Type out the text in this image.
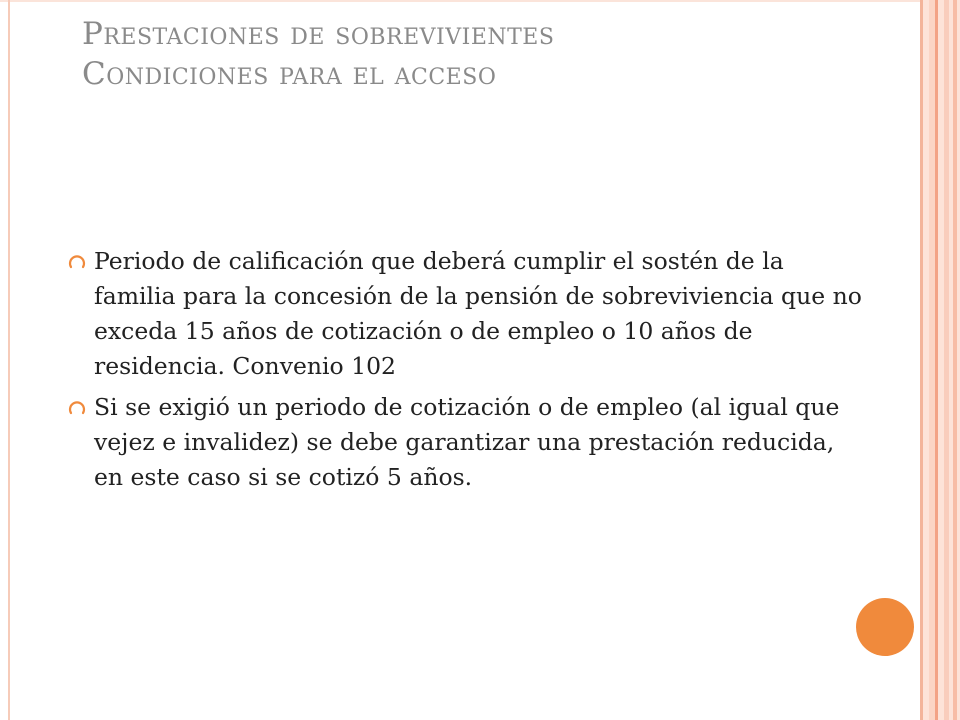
Prestaciones de sobrevivientes
Condiciones para el acceso
Periodo de calificación que deberá cumplir el sostén de la familia para la concesión de la pensión de sobreviviencia que no exceda 15 años de cotización o de empleo o 10 años de residencia. Convenio 102
Si se exigió un periodo de cotización o de empleo (al igual que vejez e invalidez) se debe garantizar una prestación reducida, en este caso si se cotizó 5 años.
